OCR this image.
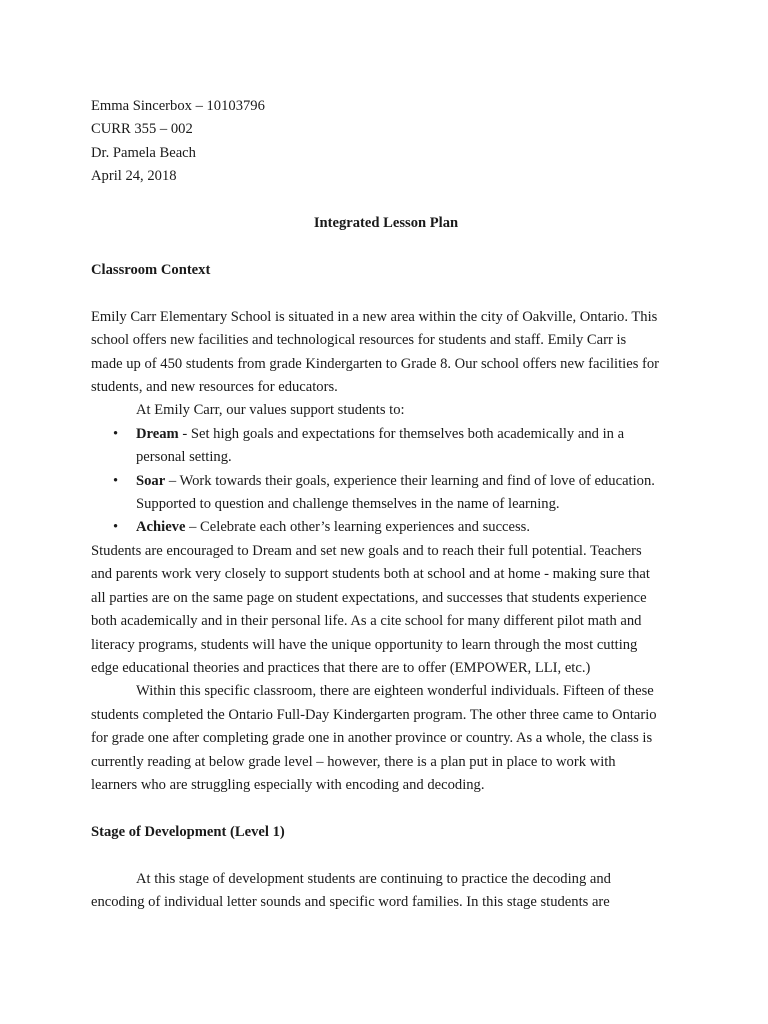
Emma Sincerbox – 10103796
CURR 355 – 002
Dr. Pamela Beach
April 24, 2018
Integrated Lesson Plan
Classroom Context
Emily Carr Elementary School is situated in a new area within the city of Oakville, Ontario. This
school offers new facilities and technological resources for students and staff. Emily Carr is
made up of 450 students from grade Kindergarten to Grade 8. Our school offers new facilities for
students, and new resources for educators.
At Emily Carr, our values support students to:
• Dream - Set high goals and expectations for themselves both academically and in a
personal setting.
• Soar – Work towards their goals, experience their learning and find of love of education.
Supported to question and challenge themselves in the name of learning.
• Achieve – Celebrate each other’s learning experiences and success.
Students are encouraged to Dream and set new goals and to reach their full potential. Teachers
and parents work very closely to support students both at school and at home - making sure that
all parties are on the same page on student expectations, and successes that students experience
both academically and in their personal life. As a cite school for many different pilot math and
literacy programs, students will have the unique opportunity to learn through the most cutting
edge educational theories and practices that there are to offer (EMPOWER, LLI, etc.)
Within this specific classroom, there are eighteen wonderful individuals. Fifteen of these
students completed the Ontario Full-Day Kindergarten program. The other three came to Ontario
for grade one after completing grade one in another province or country. As a whole, the class is
currently reading at below grade level – however, there is a plan put in place to work with
learners who are struggling especially with encoding and decoding.
Stage of Development (Level 1)
At this stage of development students are continuing to practice the decoding and
encoding of individual letter sounds and specific word families. In this stage students are
